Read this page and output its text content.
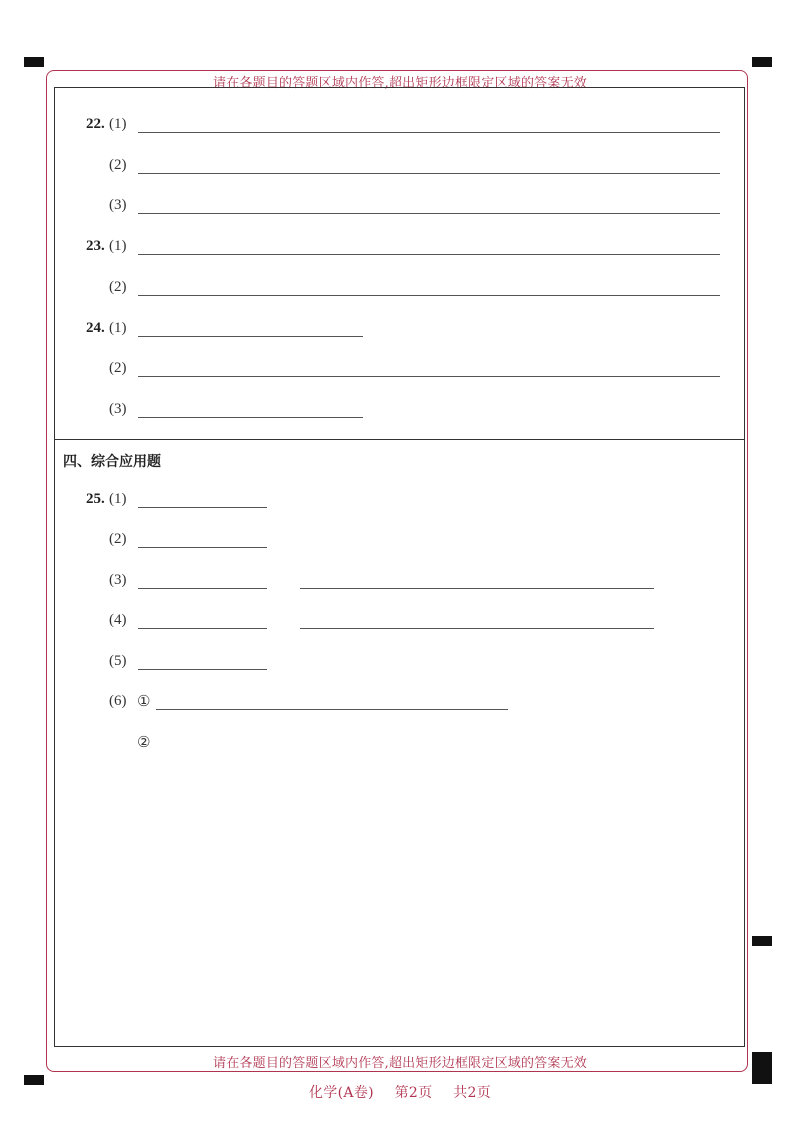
请在各题目的答题区域内作答,超出矩形边框限定区域的答案无效
请在各题目的答题区域内作答,超出矩形边框限定区域的答案无效
22. (1)
(2)
(3)
23. (1)
(2)
24. (1)
(2)
(3)
四、综合应用题
25. (1)
(2)
(3)
(4)
(5)
(6) ①
②
化学(A卷) 第2页 共2页
